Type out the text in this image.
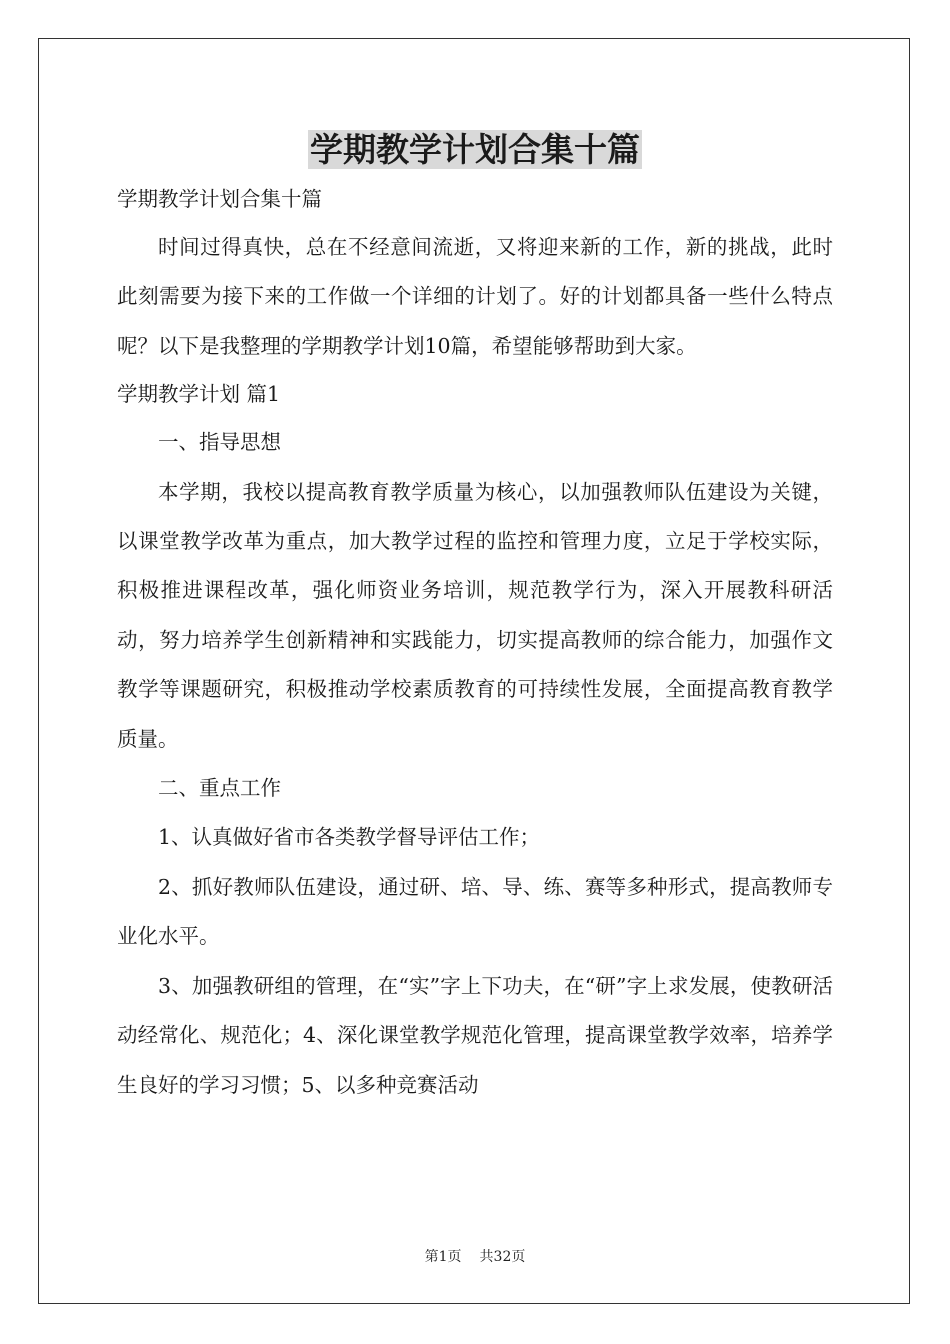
学期教学计划合集十篇

学期教学计划合集十篇

时间过得真快，总在不经意间流逝，又将迎来新的工作，新的挑战，此时此刻需要为接下来的工作做一个详细的计划了。好的计划都具备一些什么特点呢？以下是我整理的学期教学计划10篇，希望能够帮助到大家。

学期教学计划 篇1

一、指导思想

本学期，我校以提高教育教学质量为核心，以加强教师队伍建设为关键，以课堂教学改革为重点，加大教学过程的监控和管理力度，立足于学校实际，积极推进课程改革，强化师资业务培训，规范教学行为，深入开展教科研活动，努力培养学生创新精神和实践能力，切实提高教师的综合能力，加强作文教学等课题研究，积极推动学校素质教育的可持续性发展，全面提高教育教学质量。

二、重点工作

1、认真做好省市各类教学督导评估工作；

2、抓好教师队伍建设，通过研、培、导、练、赛等多种形式，提高教师专业化水平。

3、加强教研组的管理，在“实”字上下功夫，在“研”字上求发展，使教研活动经常化、规范化；4、深化课堂教学规范化管理，提高课堂教学效率，培养学生良好的学习习惯；5、以多种竞赛活动

第1页 共32页
